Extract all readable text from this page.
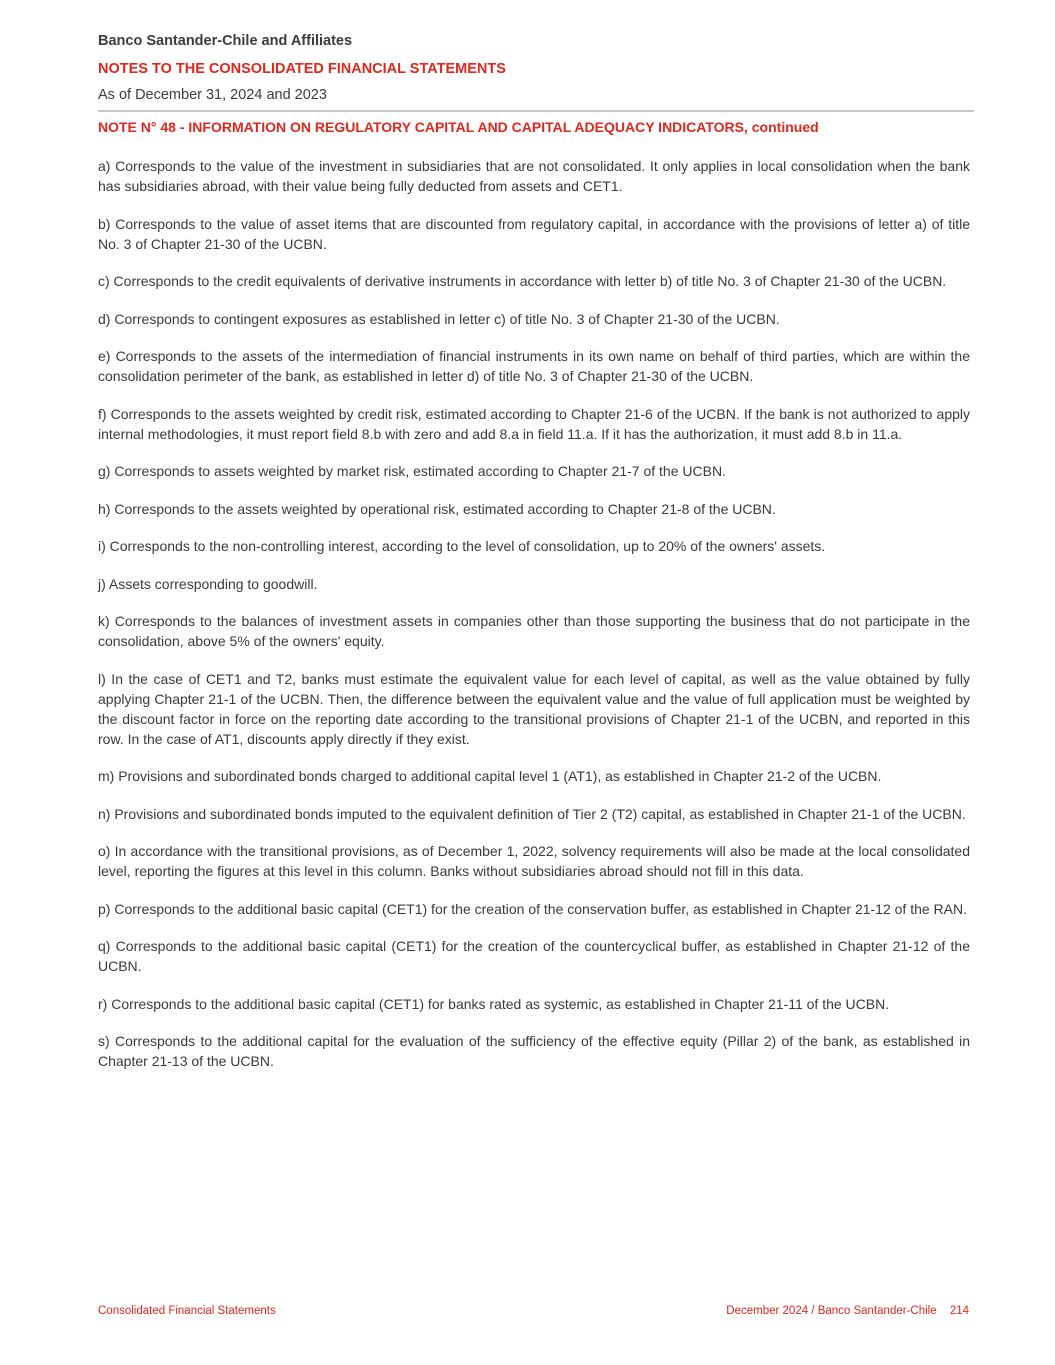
Banco Santander-Chile and Affiliates
NOTES TO THE CONSOLIDATED FINANCIAL STATEMENTS
As of December 31, 2024 and 2023
NOTE N° 48 - INFORMATION ON REGULATORY CAPITAL AND CAPITAL ADEQUACY INDICATORS, continued

a) Corresponds to the value of the investment in subsidiaries that are not consolidated. It only applies in local consolidation when the bank has subsidiaries abroad, with their value being fully deducted from assets and CET1.

b) Corresponds to the value of asset items that are discounted from regulatory capital, in accordance with the provisions of letter a) of title No. 3 of Chapter 21-30 of the UCBN.

c) Corresponds to the credit equivalents of derivative instruments in accordance with letter b) of title No. 3 of Chapter 21-30 of the UCBN.

d) Corresponds to contingent exposures as established in letter c) of title No. 3 of Chapter 21-30 of the UCBN.

e) Corresponds to the assets of the intermediation of financial instruments in its own name on behalf of third parties, which are within the consolidation perimeter of the bank, as established in letter d) of title No. 3 of Chapter 21-30 of the UCBN.

f) Corresponds to the assets weighted by credit risk, estimated according to Chapter 21-6 of the UCBN. If the bank is not authorized to apply internal methodologies, it must report field 8.b with zero and add 8.a in field 11.a. If it has the authorization, it must add 8.b in 11.a.

g) Corresponds to assets weighted by market risk, estimated according to Chapter 21-7 of the UCBN.

h) Corresponds to the assets weighted by operational risk, estimated according to Chapter 21-8 of the UCBN.

i) Corresponds to the non-controlling interest, according to the level of consolidation, up to 20% of the owners' assets.

j) Assets corresponding to goodwill.

k) Corresponds to the balances of investment assets in companies other than those supporting the business that do not participate in the consolidation, above 5% of the owners' equity.

l) In the case of CET1 and T2, banks must estimate the equivalent value for each level of capital, as well as the value obtained by fully applying Chapter 21-1 of the UCBN. Then, the difference between the equivalent value and the value of full application must be weighted by the discount factor in force on the reporting date according to the transitional provisions of Chapter 21-1 of the UCBN, and reported in this row. In the case of AT1, discounts apply directly if they exist.

m) Provisions and subordinated bonds charged to additional capital level 1 (AT1), as established in Chapter 21-2 of the UCBN.

n) Provisions and subordinated bonds imputed to the equivalent definition of Tier 2 (T2) capital, as established in Chapter 21-1 of the UCBN.

o) In accordance with the transitional provisions, as of December 1, 2022, solvency requirements will also be made at the local consolidated level, reporting the figures at this level in this column. Banks without subsidiaries abroad should not fill in this data.

p) Corresponds to the additional basic capital (CET1) for the creation of the conservation buffer, as established in Chapter 21-12 of the RAN.

q) Corresponds to the additional basic capital (CET1) for the creation of the countercyclical buffer, as established in Chapter 21-12 of the UCBN.

r) Corresponds to the additional basic capital (CET1) for banks rated as systemic, as established in Chapter 21-11 of the UCBN.

s) Corresponds to the additional capital for the evaluation of the sufficiency of the effective equity (Pillar 2) of the bank, as established in Chapter 21-13 of the UCBN.

Consolidated Financial Statements	December 2024 / Banco Santander-Chile 214
